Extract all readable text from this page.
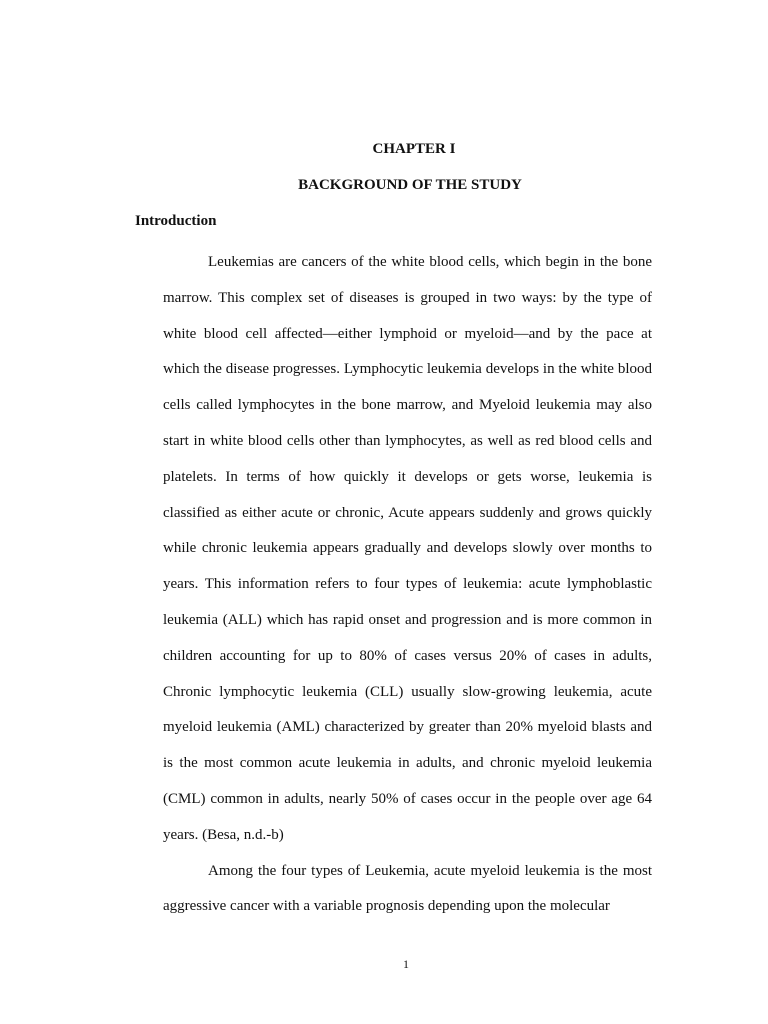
CHAPTER I
BACKGROUND OF THE STUDY
Introduction

Leukemias are cancers of the white blood cells, which begin in the bone marrow. This complex set of diseases is grouped in two ways: by the type of white blood cell affected—either lymphoid or myeloid—and by the pace at which the disease progresses. Lymphocytic leukemia develops in the white blood cells called lymphocytes in the bone marrow, and Myeloid leukemia may also start in white blood cells other than lymphocytes, as well as red blood cells and platelets. In terms of how quickly it develops or gets worse, leukemia is classified as either acute or chronic, Acute appears suddenly and grows quickly while chronic leukemia appears gradually and develops slowly over months to years. This information refers to four types of leukemia: acute lymphoblastic leukemia (ALL) which has rapid onset and progression and is more common in children accounting for up to 80% of cases versus 20% of cases in adults, Chronic lymphocytic leukemia (CLL) usually slow-growing leukemia, acute myeloid leukemia (AML) characterized by greater than 20% myeloid blasts and is the most common acute leukemia in adults, and chronic myeloid leukemia (CML) common in adults, nearly 50% of cases occur in the people over age 64 years. (Besa, n.d.-b)

Among the four types of Leukemia, acute myeloid leukemia is the most aggressive cancer with a variable prognosis depending upon the molecular

1
